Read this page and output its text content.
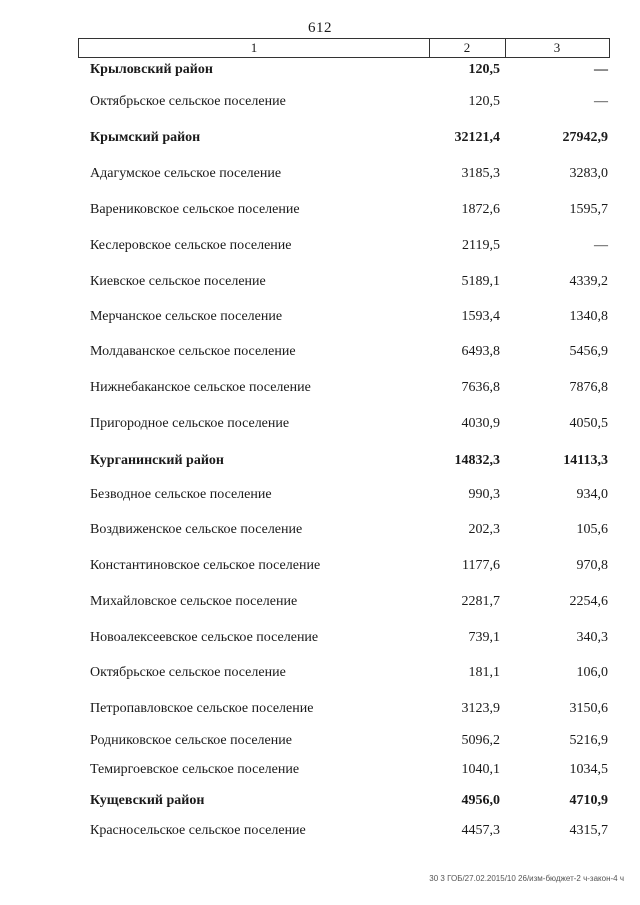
612
1	2	3
Крыловский район	120,5	—
Октябрьское сельское поселение	120,5	—
Крымский район	32121,4	27942,9
Адагумское сельское поселение	3185,3	3283,0
Варениковское сельское поселение	1872,6	1595,7
Кеслеровское сельское поселение	2119,5	—
Киевское сельское поселение	5189,1	4339,2
Мерчанское сельское поселение	1593,4	1340,8
Молдаванское сельское поселение	6493,8	5456,9
Нижнебаканское сельское поселение	7636,8	7876,8
Пригородное сельское поселение	4030,9	4050,5
Курганинский район	14832,3	14113,3
Безводное сельское поселение	990,3	934,0
Воздвиженское сельское поселение	202,3	105,6
Константиновское сельское поселение	1177,6	970,8
Михайловское сельское поселение	2281,7	2254,6
Новоалексеевское сельское поселение	739,1	340,3
Октябрьское сельское поселение	181,1	106,0
Петропавловское сельское поселение	3123,9	3150,6
Родниковское сельское поселение	5096,2	5216,9
Темиргоевское сельское поселение	1040,1	1034,5
Кущевский район	4956,0	4710,9
Красносельское сельское поселение	4457,3	4315,7
30 3 ГОБ/27.02.2015/10 26/изм-бюджет-2 ч-закон-4 ч
